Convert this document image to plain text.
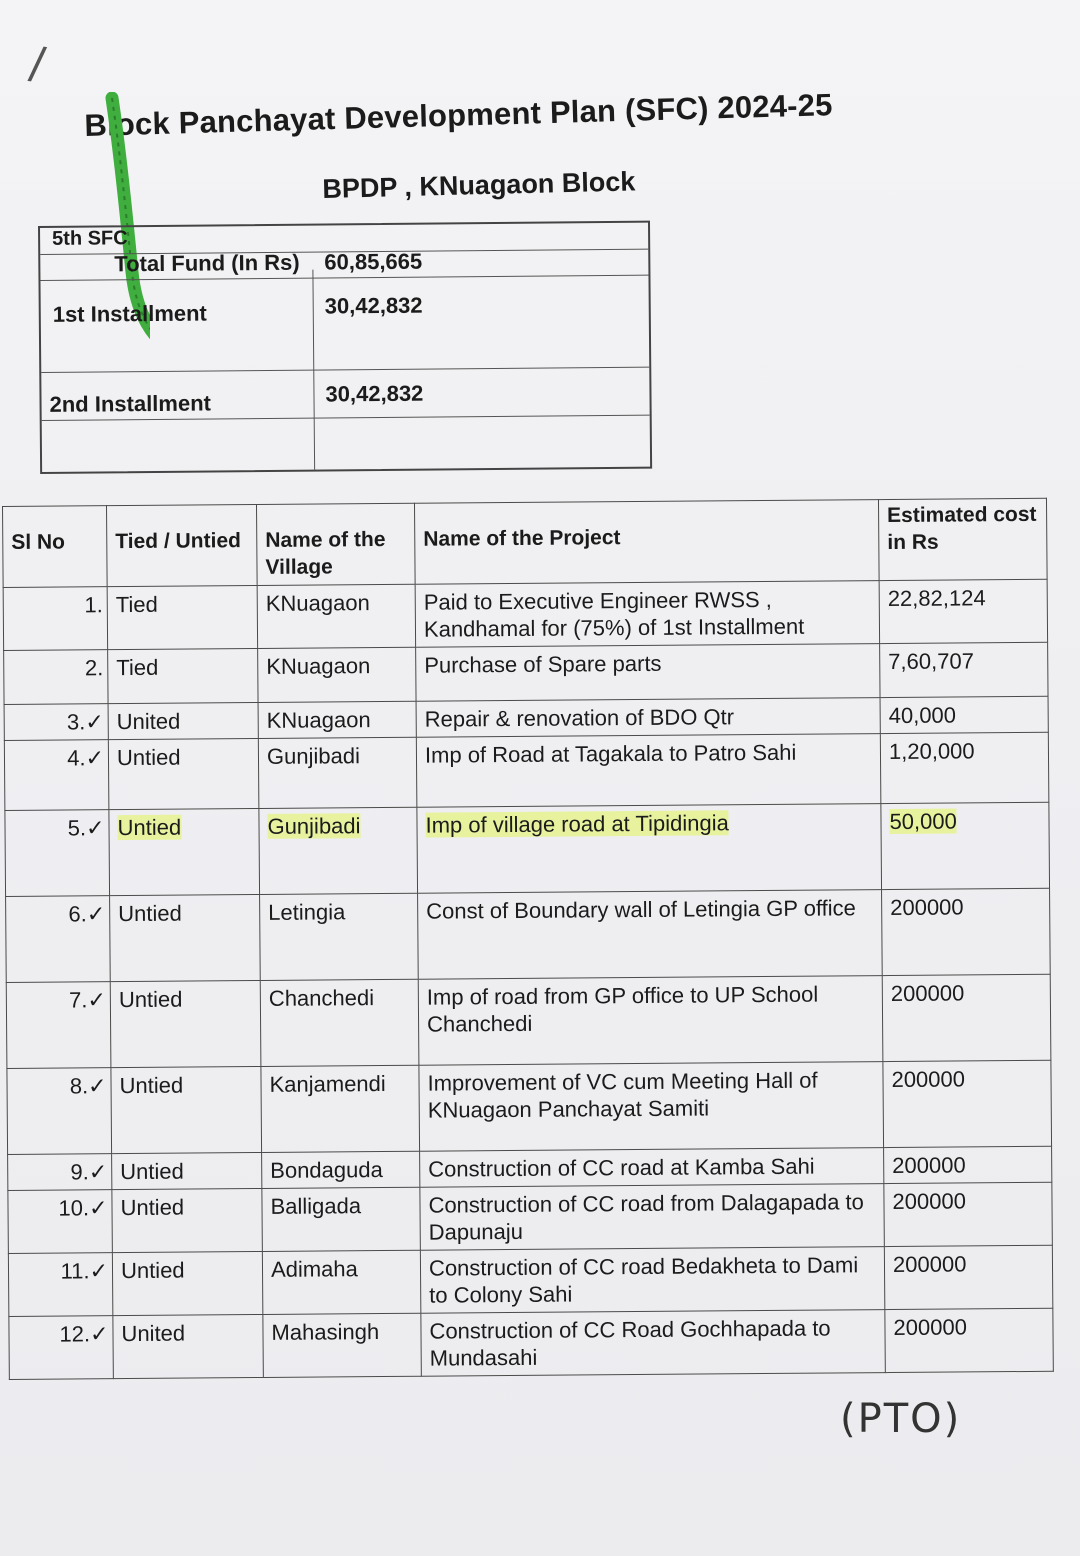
/
Block Panchayat Development Plan (SFC) 2024-25
BPDP , KNuagaon Block
5th SFC
Total Fund (In Rs) 60,85,665
1st Installment	30,42,832
2nd Installment	30,42,832
Sl No	Tied / Untied	Name of the Village	Name of the Project	Estimated cost in Rs
1.	Tied	KNuagaon	Paid to Executive Engineer RWSS , Kandhamal for (75%) of 1st Installment	22,82,124
2.	Tied	KNuagaon	Purchase of Spare parts	7,60,707
3.✓	United	KNuagaon	Repair & renovation of BDO Qtr	40,000
4.✓	Untied	Gunjibadi	Imp of Road at Tagakala to Patro Sahi	1,20,000
5.✓	Untied	Gunjibadi	Imp of village road at Tipidingia	50,000
6.✓	Untied	Letingia	Const of Boundary wall of Letingia GP office	200000
7.✓	Untied	Chanchedi	Imp of road from GP office to UP School Chanchedi	200000
8.✓	Untied	Kanjamendi	Improvement of VC cum Meeting Hall of KNuagaon Panchayat Samiti	200000
9.✓	Untied	Bondaguda	Construction of CC road at Kamba Sahi	200000
10.✓	Untied	Balligada	Construction of CC road from Dalagapada to Dapunaju	200000
11.✓	Untied	Adimaha	Construction of CC road Bedakheta to Dami to Colony Sahi	200000
12.✓	United	Mahasingh	Construction of CC Road Gochhapada to Mundasahi	200000
(PTO)
